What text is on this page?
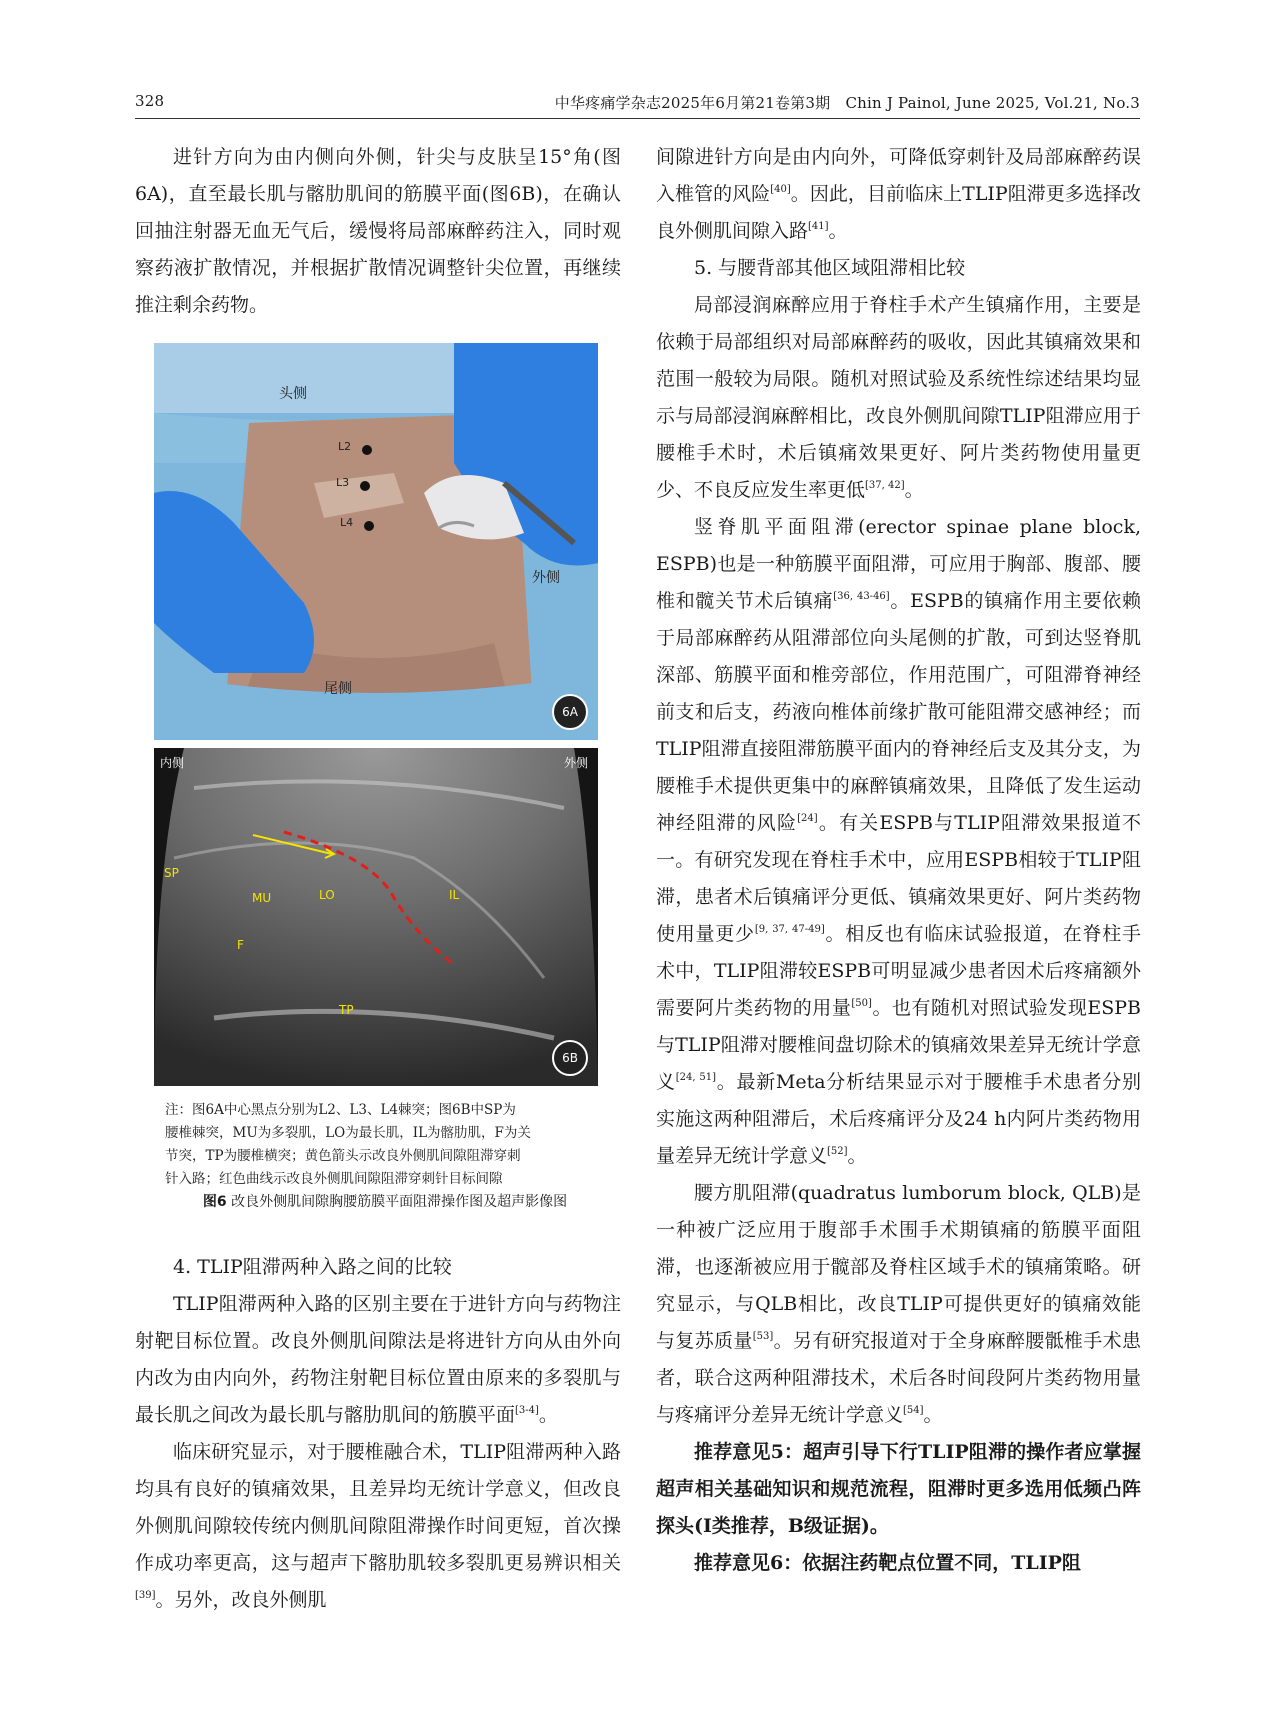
328	中华疼痛学杂志2025年6月第21卷第3期　Chin J Painol, June 2025, Vol.21, No.3

进针方向为由内侧向外侧，针尖与皮肤呈15°角(图6A)，直至最长肌与髂肋肌间的筋膜平面(图6B)，在确认回抽注射器无血无气后，缓慢将局部麻醉药注入，同时观察药液扩散情况，并根据扩散情况调整针尖位置，再继续推注剩余药物。

头侧
外侧
尾侧
L2
L3
L4
6A
内侧	外侧
SP
MU	LO	IL
F
TP
6B

注：图6A中心黑点分别为L2、L3、L4棘突；图6B中SP为

腰椎棘突，MU为多裂肌，LO为最长肌，IL为髂肋肌，F为关

节突，TP为腰椎横突；黄色箭头示改良外侧肌间隙阻滞穿刺

针入路；红色曲线示改良外侧肌间隙阻滞穿刺针目标间隙

图6 改良外侧肌间隙胸腰筋膜平面阻滞操作图及超声影像图

4. TLIP阻滞两种入路之间的比较

TLIP阻滞两种入路的区别主要在于进针方向与药物注射靶目标位置。改良外侧肌间隙法是将进针方向从由外向内改为由内向外，药物注射靶目标位置由原来的多裂肌与最长肌之间改为最长肌与髂肋肌间的筋膜平面[3-4]。

临床研究显示，对于腰椎融合术，TLIP阻滞两种入路均具有良好的镇痛效果，且差异均无统计学意义，但改良外侧肌间隙较传统内侧肌间隙阻滞操作时间更短，首次操作成功率更高，这与超声下髂肋肌较多裂肌更易辨识相关[39]。另外，改良外侧肌

间隙进针方向是由内向外，可降低穿刺针及局部麻醉药误入椎管的风险[40]。因此，目前临床上TLIP阻滞更多选择改良外侧肌间隙入路[41]。

5. 与腰背部其他区域阻滞相比较

局部浸润麻醉应用于脊柱手术产生镇痛作用，主要是依赖于局部组织对局部麻醉药的吸收，因此其镇痛效果和范围一般较为局限。随机对照试验及系统性综述结果均显示与局部浸润麻醉相比，改良外侧肌间隙TLIP阻滞应用于腰椎手术时，术后镇痛效果更好、阿片类药物使用量更少、不良反应发生率更低[37, 42]。

竖脊肌平面阻滞(erector spinae plane block, ESPB)也是一种筋膜平面阻滞，可应用于胸部、腹部、腰椎和髋关节术后镇痛[36, 43-46]。ESPB的镇痛作用主要依赖于局部麻醉药从阻滞部位向头尾侧的扩散，可到达竖脊肌深部、筋膜平面和椎旁部位，作用范围广，可阻滞脊神经前支和后支，药液向椎体前缘扩散可能阻滞交感神经；而TLIP阻滞直接阻滞筋膜平面内的脊神经后支及其分支，为腰椎手术提供更集中的麻醉镇痛效果，且降低了发生运动神经阻滞的风险[24]。有关ESPB与TLIP阻滞效果报道不一。有研究发现在脊柱手术中，应用ESPB相较于TLIP阻滞，患者术后镇痛评分更低、镇痛效果更好、阿片类药物使用量更少[9, 37, 47-49]。相反也有临床试验报道，在脊柱手术中，TLIP阻滞较ESPB可明显减少患者因术后疼痛额外需要阿片类药物的用量[50]。也有随机对照试验发现ESPB与TLIP阻滞对腰椎间盘切除术的镇痛效果差异无统计学意义[24, 51]。最新Meta分析结果显示对于腰椎手术患者分别实施这两种阻滞后，术后疼痛评分及24 h内阿片类药物用量差异无统计学意义[52]。

腰方肌阻滞(quadratus lumborum block, QLB)是一种被广泛应用于腹部手术围手术期镇痛的筋膜平面阻滞，也逐渐被应用于髋部及脊柱区域手术的镇痛策略。研究显示，与QLB相比，改良TLIP可提供更好的镇痛效能与复苏质量[53]。另有研究报道对于全身麻醉腰骶椎手术患者，联合这两种阻滞技术，术后各时间段阿片类药物用量与疼痛评分差异无统计学意义[54]。

推荐意见5：超声引导下行TLIP阻滞的操作者应掌握超声相关基础知识和规范流程，阻滞时更多选用低频凸阵探头(Ⅰ类推荐，B级证据)。

推荐意见6：依据注药靶点位置不同，TLIP阻
